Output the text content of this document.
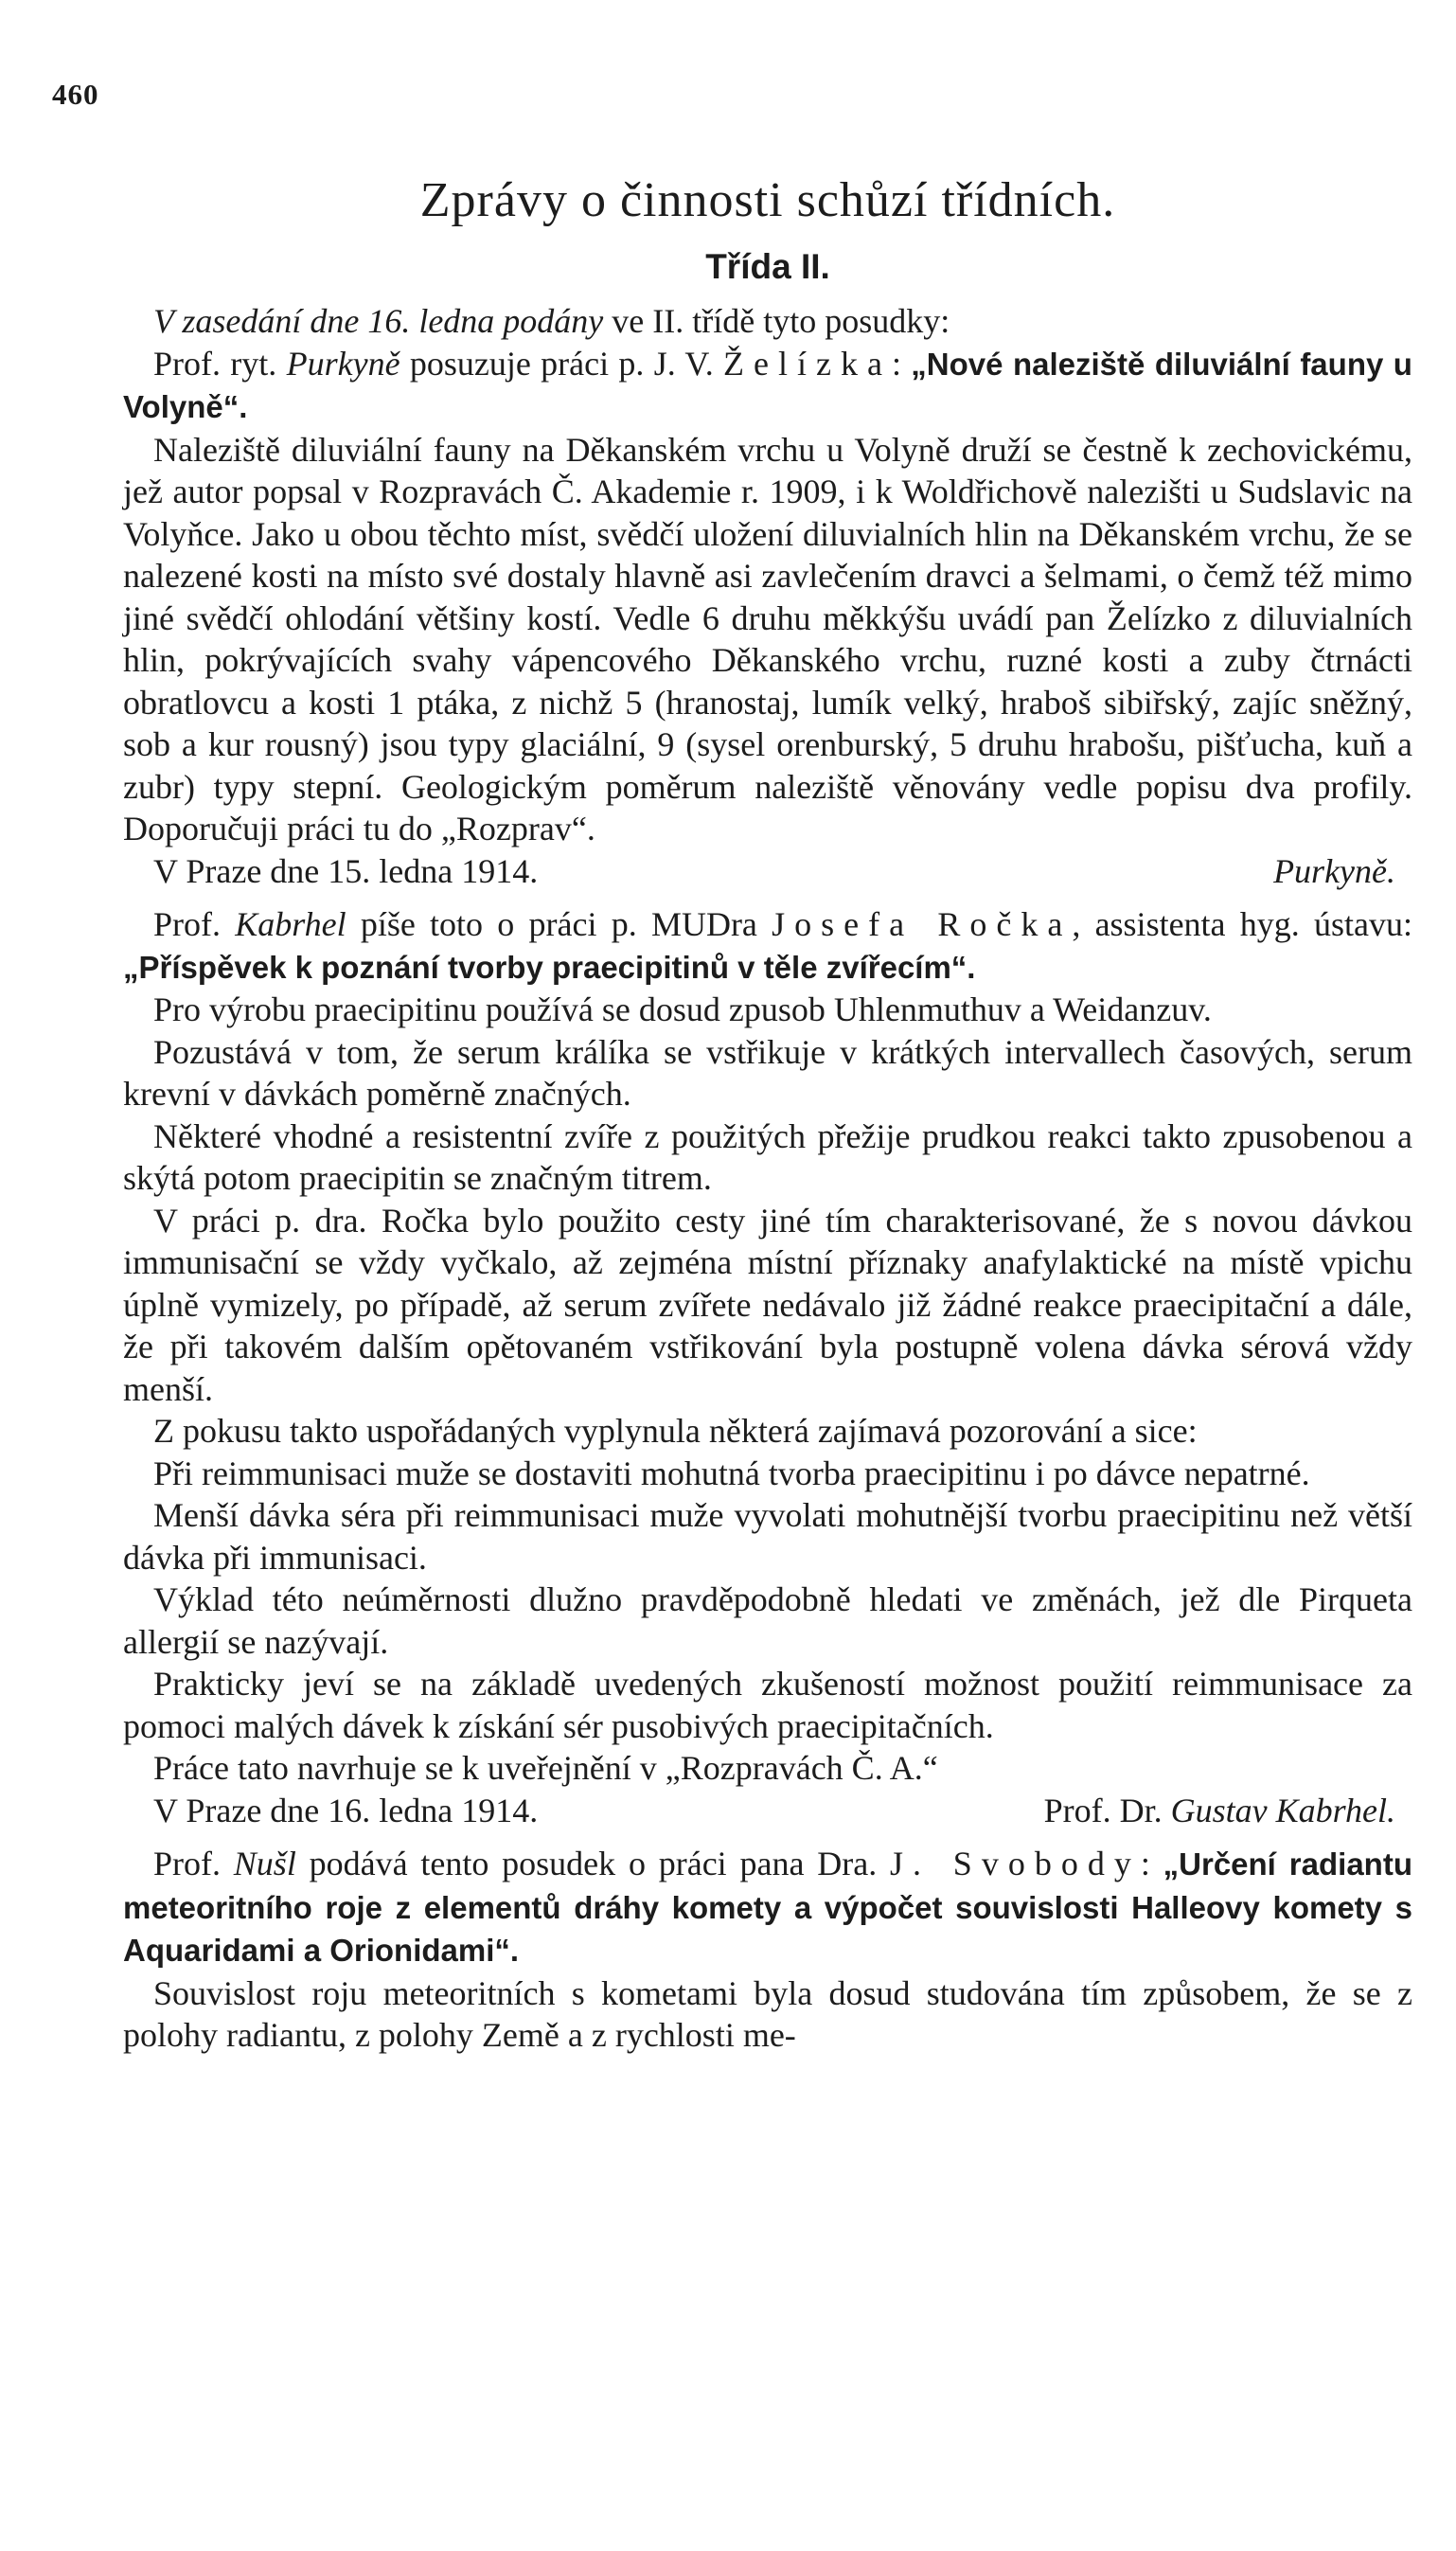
460
Zprávy o činnosti schůzí třídních.
Třída II.

V zasedání dne 16. ledna podány ve II. třídě tyto posudky:

Prof. ryt. Purkyně posuzuje práci p. J. V. Želízka: „Nové naleziště diluviální fauny u Volyně“.

Naleziště diluviální fauny na Děkanském vrchu u Volyně druží se čestně k zechovickému, jež autor popsal v Rozpravách Č. Akademie r. 1909, i k Woldřichově nalezišti u Sudslavic na Volyňce. Jako u obou těchto míst, svědčí uložení diluvialních hlin na Děkanském vrchu, že se nalezené kosti na místo své dostaly hlavně asi zavlečením dravci a šelmami, o čemž též mimo jiné svědčí ohlodání většiny kostí. Vedle 6 druhu měkkýšu uvádí pan Želízko z diluvialních hlin, pokrývajících svahy vápencového Děkanského vrchu, ruzné kosti a zuby čtrnácti obratlovcu a kosti 1 ptáka, z nichž 5 (hranostaj, lumík velký, hraboš sibiřský, zajíc sněžný, sob a kur rousný) jsou typy glaciální, 9 (sysel orenburský, 5 druhu hrabošu, pišťucha, kuň a zubr) typy stepní. Geologickým poměrum naleziště věnovány vedle popisu dva profily. Doporučuji práci tu do „Rozprav“.

V Praze dne 15. ledna 1914.	Purkyně.

Prof. Kabrhel píše toto o práci p. MUDra Josefa Ročka, assistenta hyg. ústavu: „Příspěvek k poznání tvorby praecipitinů v těle zvířecím“.

Pro výrobu praecipitinu používá se dosud zpusob Uhlenmuthuv a Weidanzuv.

Pozustává v tom, že serum králíka se vstřikuje v krátkých intervallech časových, serum krevní v dávkách poměrně značných.

Některé vhodné a resistentní zvíře z použitých přežije prudkou reakci takto zpusobenou a skýtá potom praecipitin se značným titrem.

V práci p. dra. Ročka bylo použito cesty jiné tím charakterisované, že s novou dávkou immunisační se vždy vyčkalo, až zejména místní příznaky anafylaktické na místě vpichu úplně vymizely, po případě, až serum zvířete nedávalo již žádné reakce praecipitační a dále, že při takovém dalším opětovaném vstřikování byla postupně volena dávka sérová vždy menší.

Z pokusu takto uspořádaných vyplynula některá zajímavá pozorování a sice:

Při reimmunisaci muže se dostaviti mohutná tvorba praecipitinu i po dávce nepatrné.

Menší dávka séra při reimmunisaci muže vyvolati mohutnější tvorbu praecipitinu než větší dávka při immunisaci.

Výklad této neúměrnosti dlužno pravděpodobně hledati ve změnách, jež dle Pirqueta allergií se nazývají.

Prakticky jeví se na základě uvedených zkušeností možnost použití reimmunisace za pomoci malých dávek k získání sér pusobivých praecipitačních.

Práce tato navrhuje se k uveřejnění v „Rozpravách Č. A.“

V Praze dne 16. ledna 1914.	Prof. Dr. Gustav Kabrhel.

Prof. Nušl podává tento posudek o práci pana Dra. J. Svobody: „Určení radiantu meteoritního roje z elementů dráhy komety a výpočet souvislosti Halleovy komety s Aquaridami a Orionidami“.

Souvislost roju meteoritních s kometami byla dosud studována tím způsobem, že se z polohy radiantu, z polohy Země a z rychlosti me-
